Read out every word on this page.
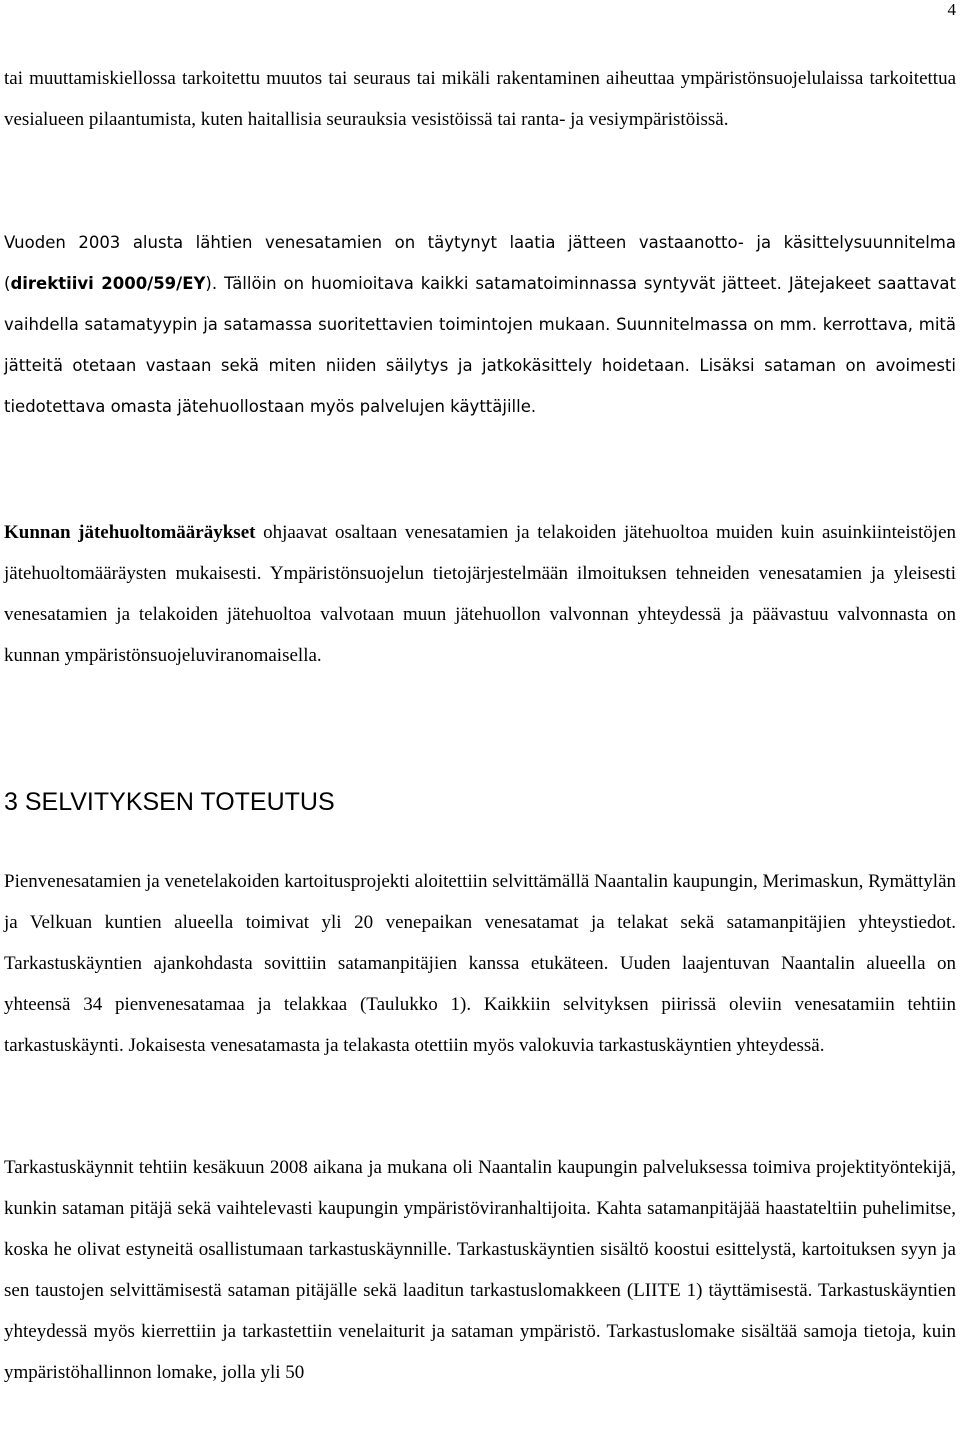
4

tai muuttamiskiellossa tarkoitettu muutos tai seuraus tai mikäli rakentaminen aiheuttaa ympäristönsuojelulaissa tarkoitettua vesialueen pilaantumista, kuten haitallisia seurauksia vesistöissä tai ranta- ja vesiympäristöissä.

Vuoden 2003 alusta lähtien venesatamien on täytynyt laatia jätteen vastaanotto- ja käsittelysuunnitelma (direktiivi 2000/59/EY). Tällöin on huomioitava kaikki satamatoiminnassa syntyvät jätteet. Jätejakeet saattavat vaihdella satamatyypin ja satamassa suoritettavien toimintojen mukaan. Suunnitelmassa on mm. kerrottava, mitä jätteitä otetaan vastaan sekä miten niiden säilytys ja jatkokäsittely hoidetaan. Lisäksi sataman on avoimesti tiedotettava omasta jätehuollostaan myös palvelujen käyttäjille.

Kunnan jätehuoltomääräykset ohjaavat osaltaan venesatamien ja telakoiden jätehuoltoa muiden kuin asuinkiinteistöjen jätehuoltomääräysten mukaisesti. Ympäristönsuojelun tietojärjestelmään ilmoituksen tehneiden venesatamien ja yleisesti venesatamien ja telakoiden jätehuoltoa valvotaan muun jätehuollon valvonnan yhteydessä ja päävastuu valvonnasta on kunnan ympäristönsuojeluviranomaisella.

3 SELVITYKSEN TOTEUTUS

Pienvenesatamien ja venetelakoiden kartoitusprojekti aloitettiin selvittämällä Naantalin kaupungin, Merimaskun, Rymättylän ja Velkuan kuntien alueella toimivat yli 20 venepaikan venesatamat ja telakat sekä satamanpitäjien yhteystiedot. Tarkastuskäyntien ajankohdasta sovittiin satamanpitäjien kanssa etukäteen. Uuden laajentuvan Naantalin alueella on yhteensä 34 pienvenesatamaa ja telakkaa (Taulukko 1). Kaikkiin selvityksen piirissä oleviin venesatamiin tehtiin tarkastuskäynti. Jokaisesta venesatamasta ja telakasta otettiin myös valokuvia tarkastuskäyntien yhteydessä.

Tarkastuskäynnit tehtiin kesäkuun 2008 aikana ja mukana oli Naantalin kaupungin palveluksessa toimiva projektityöntekijä, kunkin sataman pitäjä sekä vaihtelevasti kaupungin ympäristöviranhaltijoita. Kahta satamanpitäjää haastateltiin puhelimitse, koska he olivat estyneitä osallistumaan tarkastuskäynnille. Tarkastuskäyntien sisältö koostui esittelystä, kartoituksen syyn ja sen taustojen selvittämisestä sataman pitäjälle sekä laaditun tarkastuslomakkeen (LIITE 1) täyttämisestä. Tarkastuskäyntien yhteydessä myös kierrettiin ja tarkastettiin venelaiturit ja sataman ympäristö. Tarkastuslomake sisältää samoja tietoja, kuin ympäristöhallinnon lomake, jolla yli 50
